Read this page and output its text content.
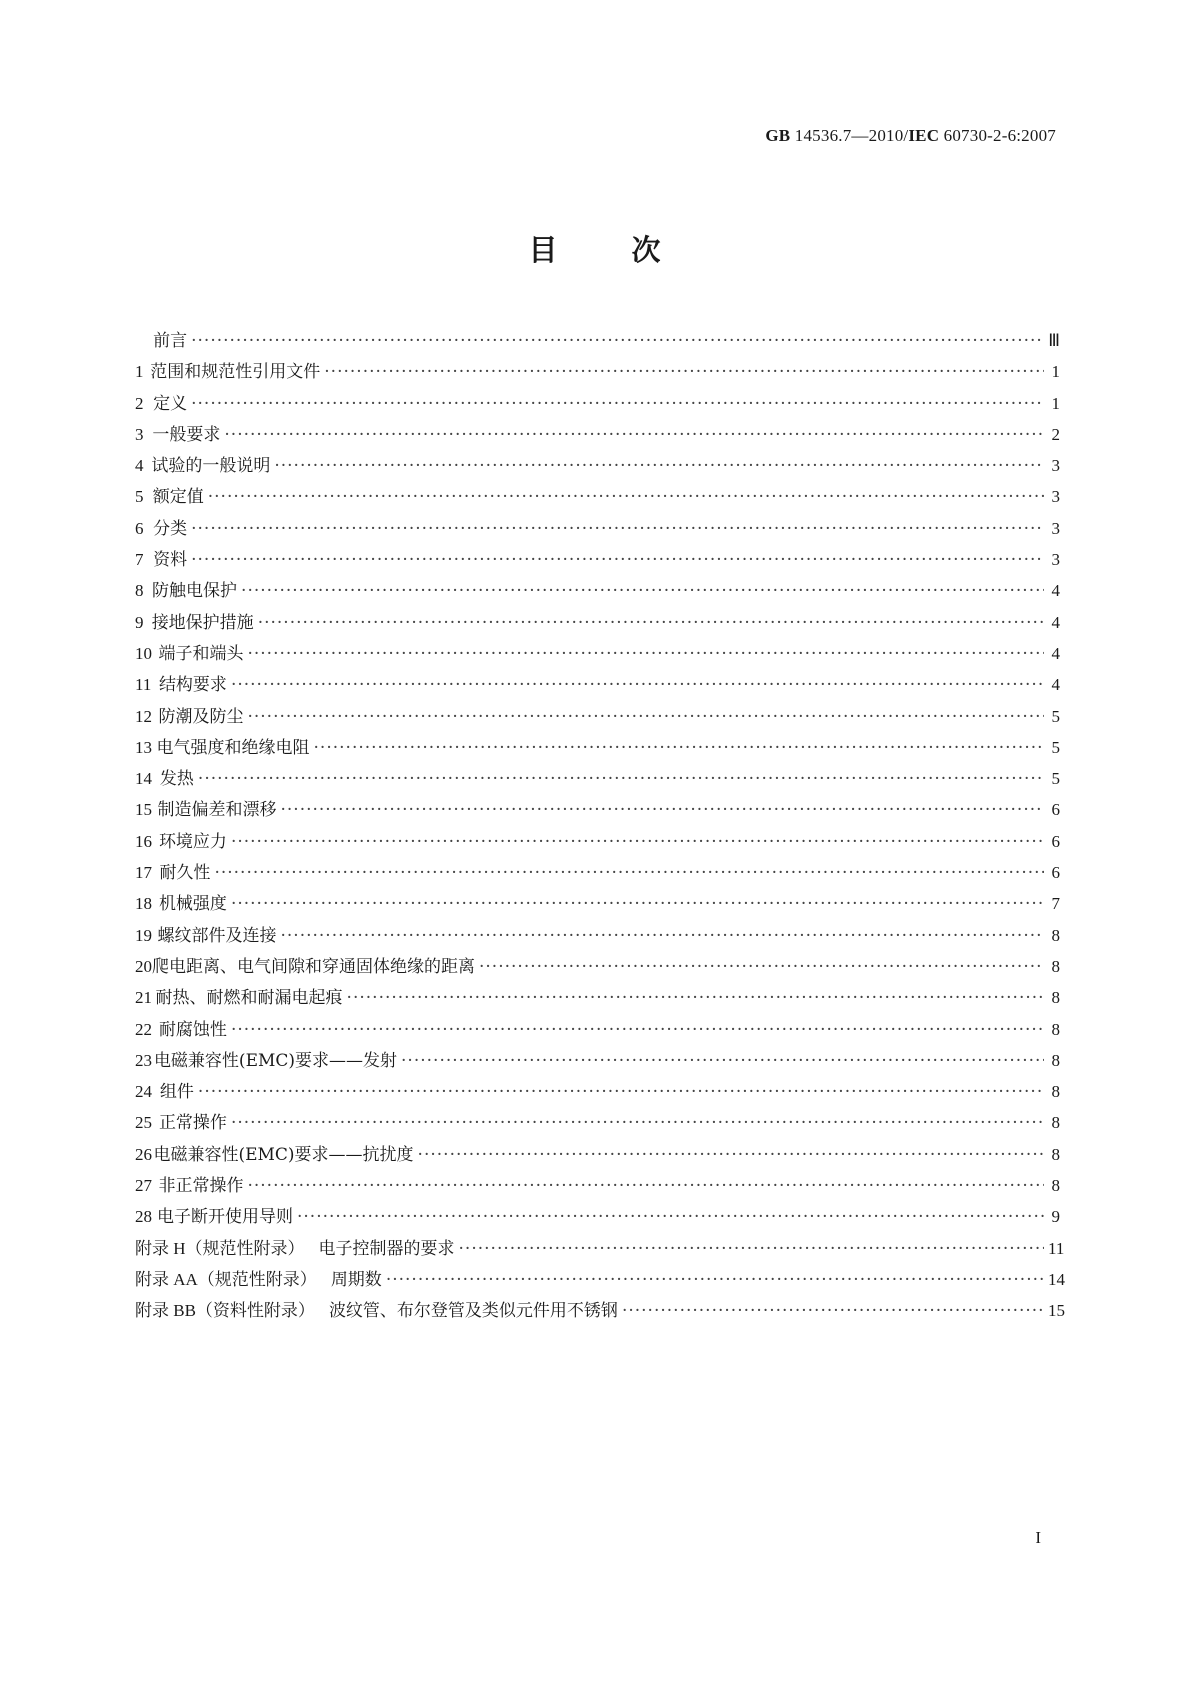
GB 14536.7—2010/IEC 60730-2-6:2007
目 次
前言 ·····	Ⅲ
1 范围和规范性引用文件 ·····	1
2 定义 ·····	1
3 一般要求 ·····	2
4 试验的一般说明 ·····	3
5 额定值 ·····	3
6 分类 ·····	3
7 资料 ·····	3
8 防触电保护 ·····	4
9 接地保护措施 ·····	4
10 端子和端头 ·····	4
11 结构要求 ·····	4
12 防潮及防尘 ·····	5
13 电气强度和绝缘电阻 ·····	5
14 发热 ·····	5
15 制造偏差和漂移 ·····	6
16 环境应力 ·····	6
17 耐久性 ·····	6
18 机械强度 ·····	7
19 螺纹部件及连接 ·····	8
20 爬电距离、电气间隙和穿通固体绝缘的距离 ·····	8
21 耐热、耐燃和耐漏电起痕 ·····	8
22 耐腐蚀性 ·····	8
23 电磁兼容性(EMC)要求——发射 ·····	8
24 组件 ·····	8
25 正常操作 ·····	8
26 电磁兼容性(EMC)要求——抗扰度 ·····	8
27 非正常操作 ·····	8
28 电子断开使用导则 ·····	9
附录 H（规范性附录） 电子控制器的要求 ·····	11
附录 AA（规范性附录） 周期数 ·····	14
附录 BB（资料性附录） 波纹管、布尔登管及类似元件用不锈钢 ·····	15
I
